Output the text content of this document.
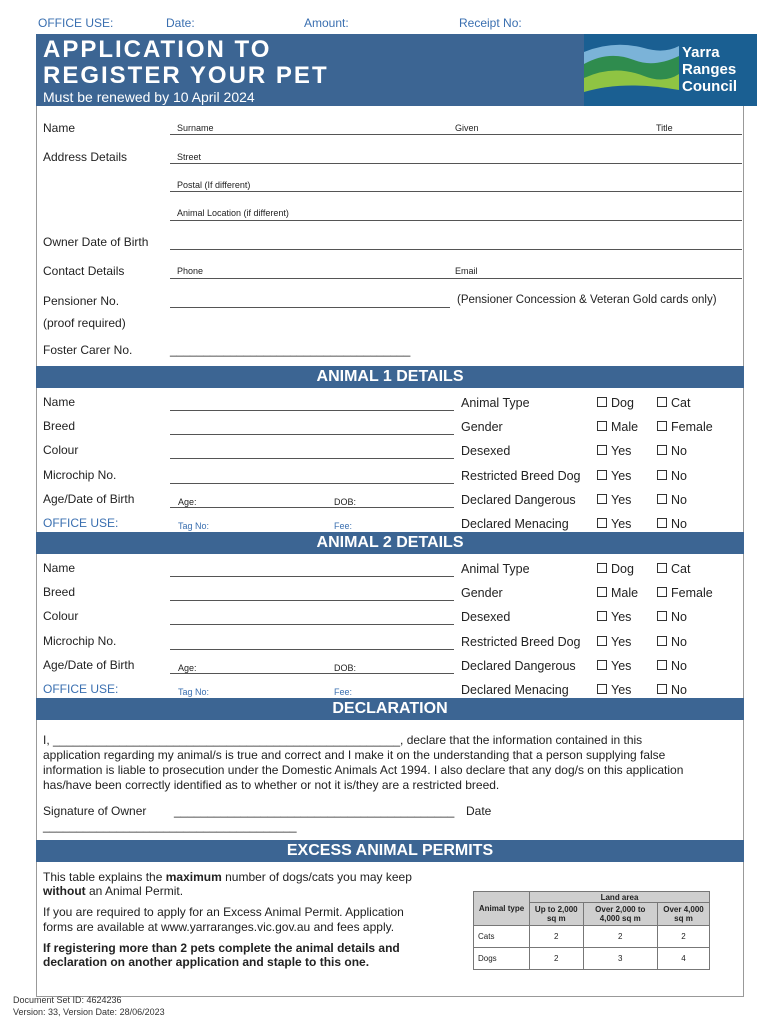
OFFICE USE:	Date:	Amount:	Receipt No:
APPLICATION TO
REGISTER YOUR PET
Must be renewed by 10 April 2024
Yarra
Ranges
Council
Name	Surname	Given	Title
Address Details	Street
Postal (If different)
Animal Location (if different)
Owner Date of Birth
Contact Details	Phone	Email
Pensioner No.	(Pensioner Concession & Veteran Gold cards only)
(proof required)
Foster Carer No.	____________________________________
ANIMAL 1 DETAILS
Name	Animal Type	Dog	Cat
Breed	Gender	Male	Female
Colour	Desexed	Yes	No
Microchip No.	Restricted Breed Dog Yes	No
Age/Date of Birth	Age:	DOB:	Declared Dangerous	Yes	No
OFFICE USE:	Tag No:	Fee:	Declared Menacing	Yes	No
ANIMAL 2 DETAILS
Name	Animal Type	Dog	Cat
Breed	Gender	Male	Female
Colour	Desexed	Yes	No
Microchip No.	Restricted Breed Dog Yes	No
Age/Date of Birth	Age:	DOB:	Declared Dangerous	Yes	No
OFFICE USE:	Tag No:	Fee:	Declared Menacing	Yes	No
DECLARATION
I, ____________________________________________________, declare that the information contained in this
application regarding my animal/s is true and correct and I make it on the understanding that a person supplying false
information is liable to prosecution under the Domestic Animals Act 1994. I also declare that any dog/s on this application
has/have been correctly identified as to whether or not it is/they are a restricted breed.
Signature of Owner __________________________________________ Date
______________________________________
EXCESS ANIMAL PERMITS
This table explains the maximum number of dogs/cats you may keep
without an Animal Permit.
If you are required to apply for an Excess Animal Permit. Application
forms are available at www.yarraranges.vic.gov.au and fees apply.
If registering more than 2 pets complete the animal details and
declaration on another application and staple to this one.
Animal type	Land area		
	Up to 2,000 sq m	Over 2,000 to 4,000 sq m	Over 4,000 sq m
Cats	2	2	2
Dogs	2	3	4
Document Set ID: 4624236
Version: 33, Version Date: 28/06/2023
